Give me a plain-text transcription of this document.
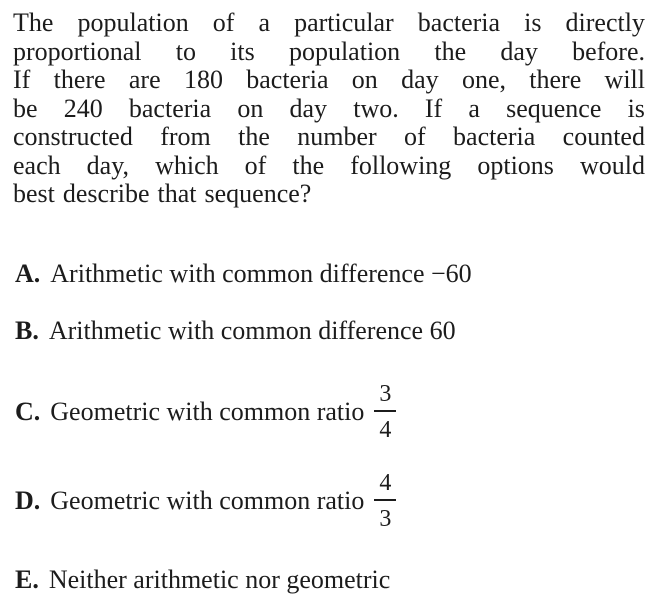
The population of a particular bacteria is directly
proportional to its population the day before.
If there are 180 bacteria on day one, there will
be 240 bacteria on day two. If a sequence is
constructed from the number of bacteria counted
each day, which of the following options would
best describe that sequence?
A. Arithmetic with common difference −60
B. Arithmetic with common difference 60
C. Geometric with common ratio $\frac{3}{4}$
D. Geometric with common ratio $\frac{4}{3}$
E. Neither arithmetic nor geometric
